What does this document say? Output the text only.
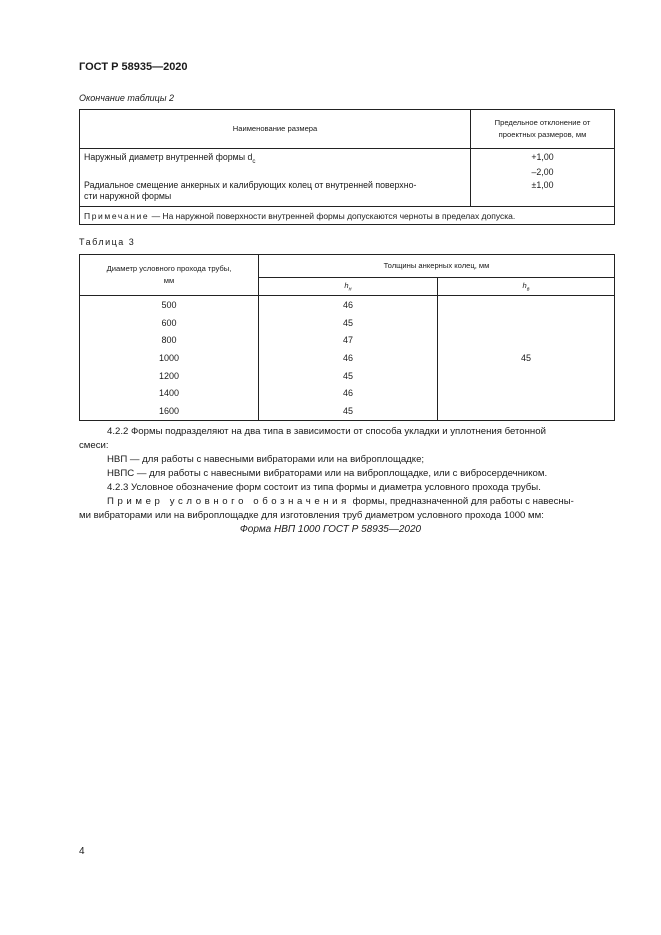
ГОСТ Р 58935—2020
Окончание таблицы 2
Наименование размера	Предельное отклонение от
проектных размеров, мм

Наружный диаметр внутренней формы $d_с$	+1,00
–2,00

Радиальное смещение анкерных и калибрующих колец от внутренней поверхно-
сти наружной формы	±1,00
Примечание — На наружной поверхности внутренней формы допускаются черноты в пределах допуска.	
Таблица 3
Диаметр условного прохода трубы,
мм	Толщины анкерных колец, мм	
	$h_н$	$h_в$
500	46	45
600	45	
800	47	
1000	46	
1200	45	
1400	46	
1600	45	
4.2.2 Формы подразделяют на два типа в зависимости от способа укладки и уплотнения бетонной
смеси:
НВП — для работы с навесными вибраторами или на виброплощадке;
НВПС — для работы с навесными вибраторами или на виброплощадке, или с вибросердечником.
4.2.3 Условное обозначение форм состоит из типа формы и диаметра условного прохода трубы.
Пример условного обозначения формы, предназначенной для работы с навесны-
ми вибраторами или на виброплощадке для изготовления труб диаметром условного прохода 1000 мм:
Форма НВП 1000 ГОСТ Р 58935—2020
4
